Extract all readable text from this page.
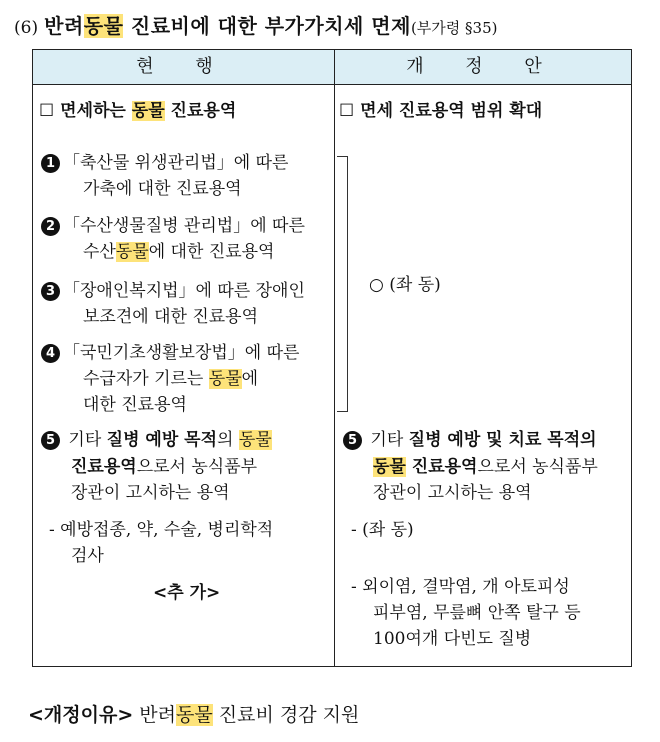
(6) 반려동물 진료비에 대한 부가가치세 면제(부가령 §35)
현 행	개 정 안
☐ 면세하는 동물 진료용역
1 「축산물 위생관리법」에 따른
가축에 대한 진료용역
2 「수산생물질병 관리법」에 따른
수산동물에 대한 진료용역
3 「장애인복지법」에 따른 장애인
보조견에 대한 진료용역
4 「국민기초생활보장법」에 따른
수급자가 기르는 동물에
대한 진료용역
5 기타 질병 예방 목적의 동물
진료용역으로서 농식품부
장관이 고시하는 용역
- 예방접종, 약, 수술, 병리학적
검사
<추 가>
☐ 면세 진료용역 범위 확대
○ (좌 동)
5 기타 질병 예방 및 치료 목적의
동물 진료용역으로서 농식품부
장관이 고시하는 용역
- (좌 동)
- 외이염, 결막염, 개 아토피성
피부염, 무릎뼈 안쪽 탈구 등
100여개 다빈도 질병
<개정이유> 반려동물 진료비 경감 지원
